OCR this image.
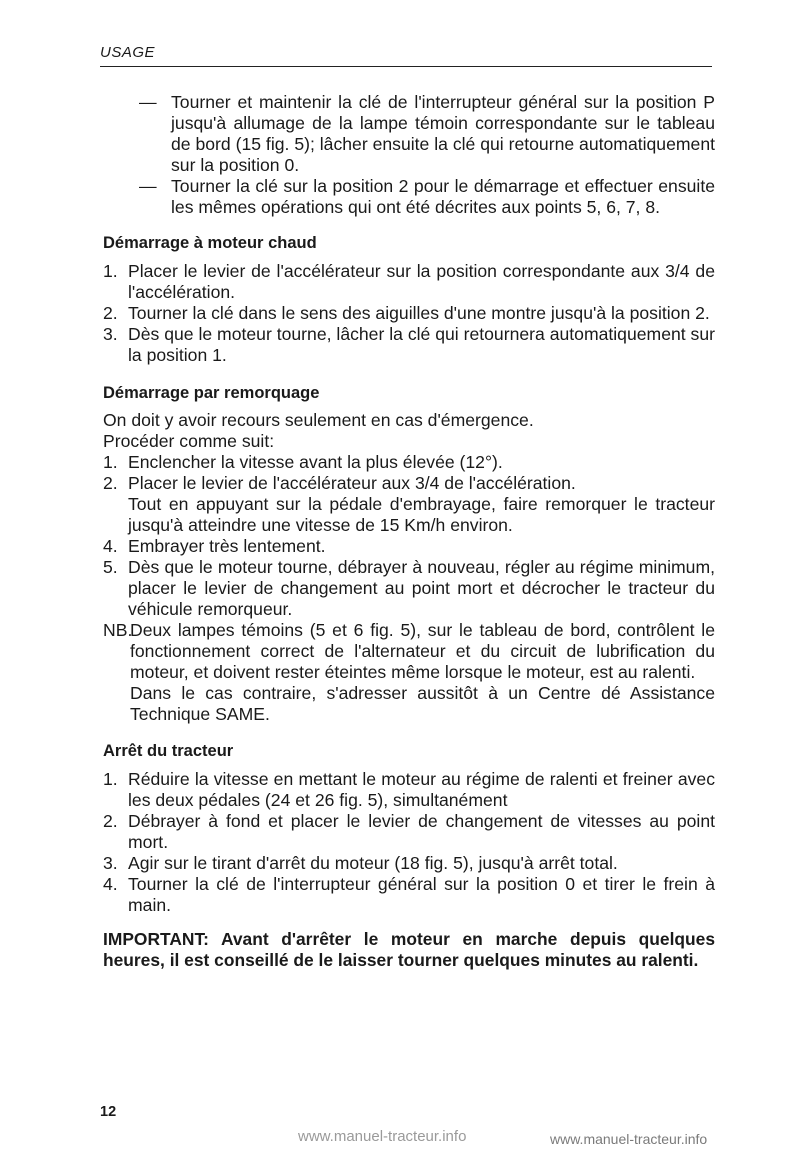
USAGE
— Tourner et maintenir la clé de l'interrupteur général sur la position P jusqu'à allumage de la lampe témoin correspondante sur le tableau de bord (15 fig. 5); lâcher ensuite la clé qui retourne automatiquement sur la position 0.
— Tourner la clé sur la position 2 pour le démarrage et effectuer ensuite les mêmes opérations qui ont été décrites aux points 5, 6, 7, 8.
Démarrage à moteur chaud
1. Placer le levier de l'accélérateur sur la position correspondante aux 3/4 de l'accélération.
2. Tourner la clé dans le sens des aiguilles d'une montre jusqu'à la position 2.
3. Dès que le moteur tourne, lâcher la clé qui retournera automatiquement sur la position 1.
Démarrage par remorquage
On doit y avoir recours seulement en cas d'émergence.
Procéder comme suit:
1. Enclencher la vitesse avant la plus élevée (12°).
2. Placer le levier de l'accélérateur aux 3/4 de l'accélération.
Tout en appuyant sur la pédale d'embrayage, faire remorquer le tracteur jusqu'à atteindre une vitesse de 15 Km/h environ.
4. Embrayer très lentement.
5. Dès que le moteur tourne, débrayer à nouveau, régler au régime minimum, placer le levier de changement au point mort et décrocher le tracteur du véhicule remorqueur.
NB.
Deux lampes témoins (5 et 6 fig. 5), sur le tableau de bord, contrôlent le fonctionnement correct de l'alternateur et du circuit de lubrification du moteur, et doivent rester éteintes même lorsque le moteur, est au ralenti.
Dans le cas contraire, s'adresser aussitôt à un Centre dé Assistance Technique SAME.
Arrêt du tracteur
1. Réduire la vitesse en mettant le moteur au régime de ralenti et freiner avec les deux pédales (24 et 26 fig. 5), simultanément
2. Débrayer à fond et placer le levier de changement de vitesses au point mort.
3. Agir sur le tirant d'arrêt du moteur (18 fig. 5), jusqu'à arrêt total.
4. Tourner la clé de l'interrupteur général sur la position 0 et tirer le frein à main.
IMPORTANT: Avant d'arrêter le moteur en marche depuis quelques heures, il est conseillé de le laisser tourner quelques minutes au ralenti.
12
www.manuel-tracteur.info	www.manuel-tracteur.info
